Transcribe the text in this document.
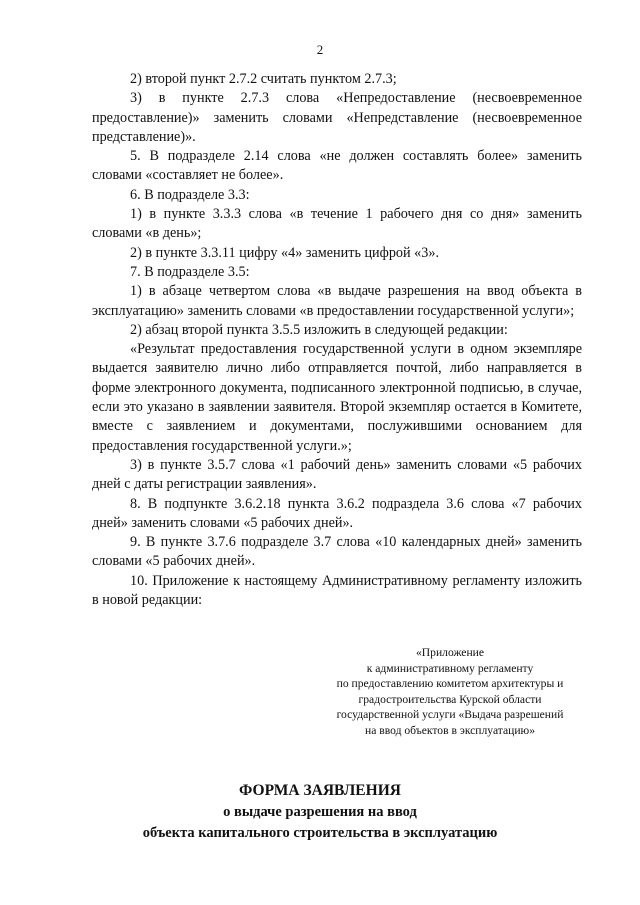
2

2) второй пункт 2.7.2 считать пунктом 2.7.3;

3) в пункте 2.7.3 слова «Непредоставление (несвоевременное предоставление)» заменить словами «Непредставление (несвоевременное представление)».

5. В подразделе 2.14 слова «не должен составлять более» заменить словами «составляет не более».

6. В подразделе 3.3:

1) в пункте 3.3.3 слова «в течение 1 рабочего дня со дня» заменить словами «в день»;

2) в пункте 3.3.11 цифру «4» заменить цифрой «3».

7. В подразделе 3.5:

1) в абзаце четвертом слова «в выдаче разрешения на ввод объекта в эксплуатацию» заменить словами «в предоставлении государственной услуги»;

2) абзац второй пункта 3.5.5 изложить в следующей редакции:

«Результат предоставления государственной услуги в одном экземпляре выдается заявителю лично либо отправляется почтой, либо направляется в форме электронного документа, подписанного электронной подписью, в случае, если это указано в заявлении заявителя. Второй экземпляр остается в Комитете, вместе с заявлением и документами, послужившими основанием для предоставления государственной услуги.»;

3) в пункте 3.5.7 слова «1 рабочий день» заменить словами «5 рабочих дней с даты регистрации заявления».

8. В подпункте 3.6.2.18 пункта 3.6.2 подраздела 3.6 слова «7 рабочих дней» заменить словами «5 рабочих дней».

9. В пункте 3.7.6 подразделе 3.7 слова «10 календарных дней» заменить словами «5 рабочих дней».

10. Приложение к настоящему Административному регламенту изложить в новой редакции:

«Приложение
к административному регламенту
по предоставлению комитетом архитектуры и
градостроительства Курской области
государственной услуги «Выдача разрешений
на ввод объектов в эксплуатацию»
ФОРМА ЗАЯВЛЕНИЯ
о выдаче разрешения на ввод
объекта капитального строительства в эксплуатацию
